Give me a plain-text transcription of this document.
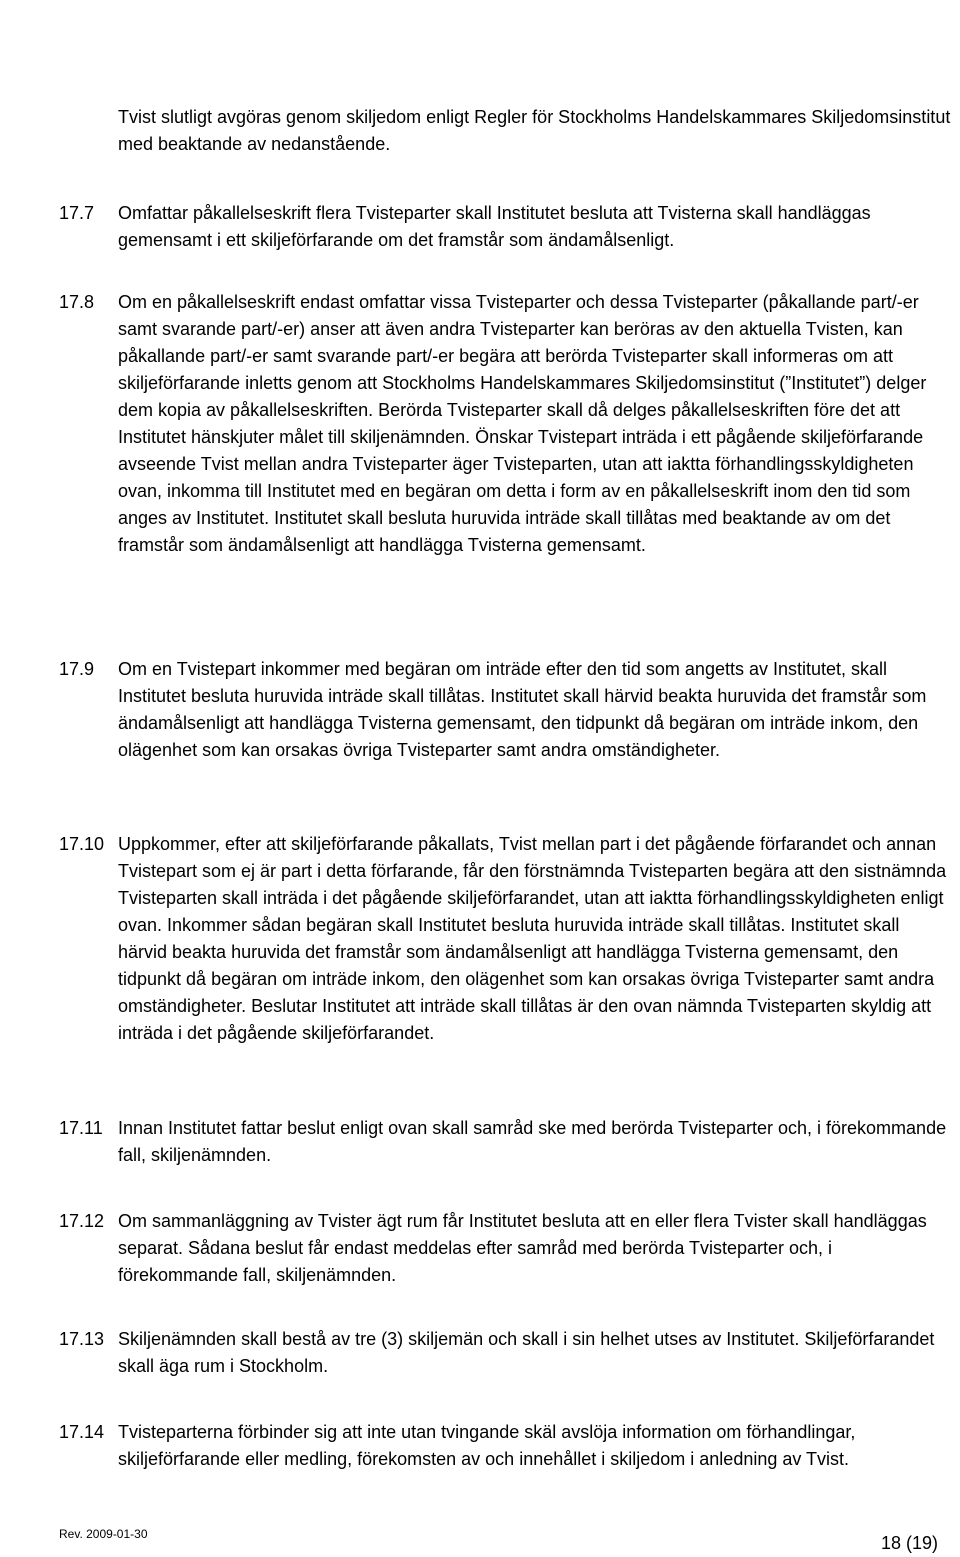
Tvist slutligt avgöras genom skiljedom enligt Regler för Stockholms Handelskammares Skiljedomsinstitut med beaktande av nedanstående.

17.7	Omfattar påkallelseskrift flera Tvisteparter skall Institutet besluta att Tvisterna skall handläggas gemensamt i ett skiljeförfarande om det framstår som ändamålsenligt.

17.8	Om en påkallelseskrift endast omfattar vissa Tvisteparter och dessa Tvisteparter (påkallande part/-er samt svarande part/-er) anser att även andra Tvisteparter kan beröras av den aktuella Tvisten, kan påkallande part/-er samt svarande part/-er begära att berörda Tvisteparter skall informeras om att skiljeförfarande inletts genom att Stockholms Handelskammares Skiljedomsinstitut (”Institutet”) delger dem kopia av påkallelseskriften. Berörda Tvisteparter skall då delges påkallelseskriften före det att Institutet hänskjuter målet till skiljenämnden. Önskar Tvistepart inträda i ett pågående skiljeförfarande avseende Tvist mellan andra Tvisteparter äger Tvisteparten, utan att iaktta förhandlingsskyldigheten ovan, inkomma till Institutet med en begäran om detta i form av en påkallelseskrift inom den tid som anges av Institutet. Institutet skall besluta huruvida inträde skall tillåtas med beaktande av om det framstår som ändamålsenligt att handlägga Tvisterna gemensamt.

17.9	Om en Tvistepart inkommer med begäran om inträde efter den tid som angetts av Institutet, skall Institutet besluta huruvida inträde skall tillåtas. Institutet skall härvid beakta huruvida det framstår som ändamålsenligt att handlägga Tvisterna gemensamt, den tidpunkt då begäran om inträde inkom, den olägenhet som kan orsakas övriga Tvisteparter samt andra omständigheter.

17.10 Uppkommer, efter att skiljeförfarande påkallats, Tvist mellan part i det pågående förfarandet och annan Tvistepart som ej är part i detta förfarande, får den förstnämnda Tvisteparten begära att den sistnämnda Tvisteparten skall inträda i det pågående skiljeförfarandet, utan att iaktta förhandlingsskyldigheten enligt ovan. Inkommer sådan begäran skall Institutet besluta huruvida inträde skall tillåtas. Institutet skall härvid beakta huruvida det framstår som ändamålsenligt att handlägga Tvisterna gemensamt, den tidpunkt då begäran om inträde inkom, den olägenhet som kan orsakas övriga Tvisteparter samt andra omständigheter. Beslutar Institutet att inträde skall tillåtas är den ovan nämnda Tvisteparten skyldig att inträda i det pågående skiljeförfarandet.

17.11 Innan Institutet fattar beslut enligt ovan skall samråd ske med berörda Tvisteparter och, i förekommande fall, skiljenämnden.

17.12 Om sammanläggning av Tvister ägt rum får Institutet besluta att en eller flera Tvister skall handläggas separat. Sådana beslut får endast meddelas efter samråd med berörda Tvisteparter och, i förekommande fall, skiljenämnden.

17.13 Skiljenämnden skall bestå av tre (3) skiljemän och skall i sin helhet utses av Institutet. Skiljeförfarandet skall äga rum i Stockholm.

17.14 Tvisteparterna förbinder sig att inte utan tvingande skäl avslöja information om förhandlingar, skiljeförfarande eller medling, förekomsten av och innehållet i skiljedom i anledning av Tvist.

Rev. 2009-01-30	18 (19)
